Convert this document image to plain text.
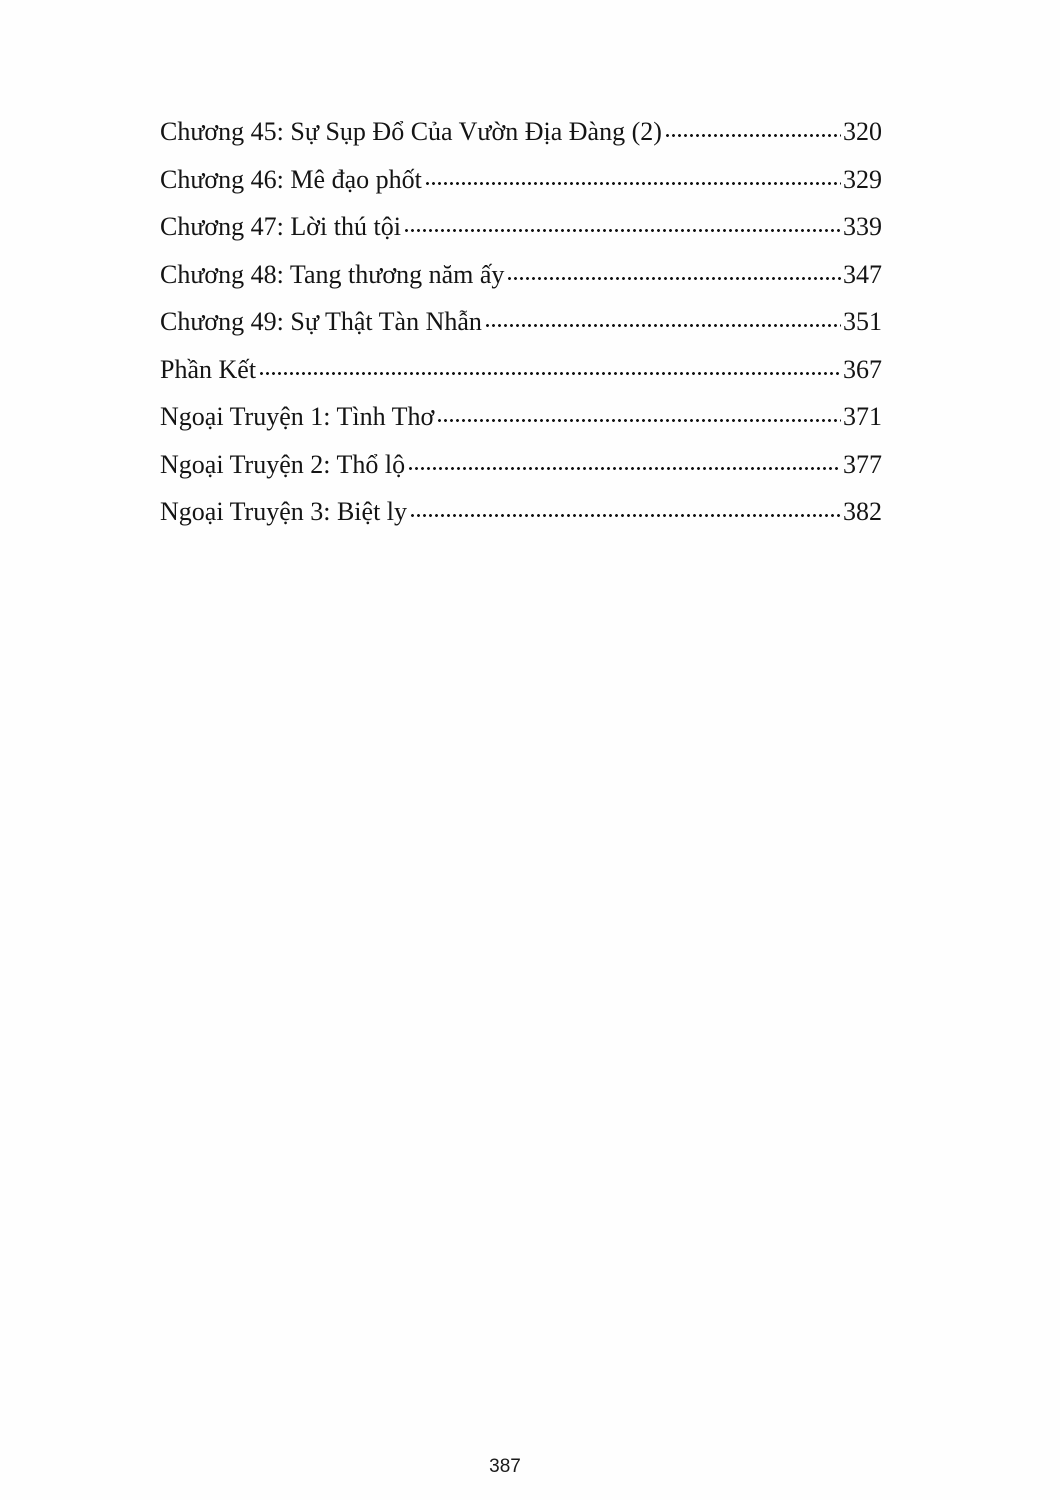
Chương 45: Sự Sụp Đổ Của Vườn Địa Đàng (2)	320
Chương 46: Mê đạo phốt	329
Chương 47: Lời thú tội	339
Chương 48: Tang thương năm ấy	347
Chương 49: Sự Thật Tàn Nhẫn	351
Phần Kết	367
Ngoại Truyện 1: Tình Thơ	371
Ngoại Truyện 2: Thổ lộ	377
Ngoại Truyện 3: Biệt ly	382
387
